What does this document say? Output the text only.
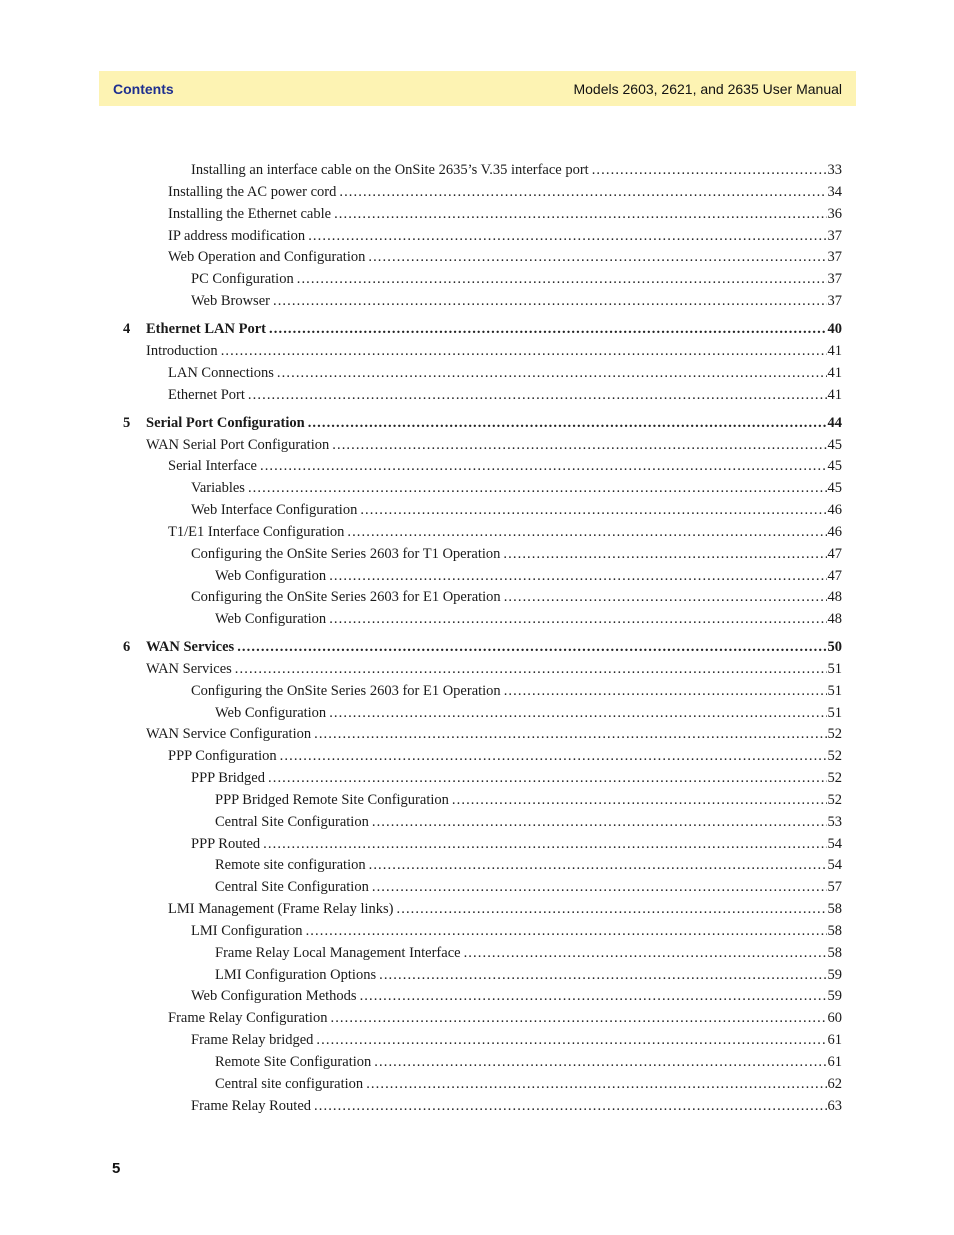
Contents	Models 2603, 2621, and 2635 User Manual
Installing an interface cable on the OnSite 2635’s V.35 interface port .....	33
Installing the AC power cord .....	34
Installing the Ethernet cable .....	36
IP address modification .....	37
Web Operation and Configuration .....	37
PC Configuration .....	37
Web Browser .....	37
4	Ethernet LAN Port .....	40
Introduction .....	41
LAN Connections .....	41
Ethernet Port .....	41
5	Serial Port Configuration .....	44
WAN Serial Port Configuration .....	45
Serial Interface .....	45
Variables .....	45
Web Interface Configuration .....	46
T1/E1 Interface Configuration .....	46
Configuring the OnSite Series 2603 for T1 Operation .....	47
Web Configuration .....	47
Configuring the OnSite Series 2603 for E1 Operation .....	48
Web Configuration .....	48
6	WAN Services .....	50
WAN Services .....	51
Configuring the OnSite Series 2603 for E1 Operation .....	51
Web Configuration .....	51
WAN Service Configuration .....	52
PPP Configuration .....	52
PPP Bridged .....	52
PPP Bridged Remote Site Configuration .....	52
Central Site Configuration .....	53
PPP Routed .....	54
Remote site configuration .....	54
Central Site Configuration .....	57
LMI Management (Frame Relay links) .....	58
LMI Configuration .....	58
Frame Relay Local Management Interface .....	58
LMI Configuration Options .....	59
Web Configuration Methods .....	59
Frame Relay Configuration .....	60
Frame Relay bridged .....	61
Remote Site Configuration .....	61
Central site configuration .....	62
Frame Relay Routed .....	63
5
